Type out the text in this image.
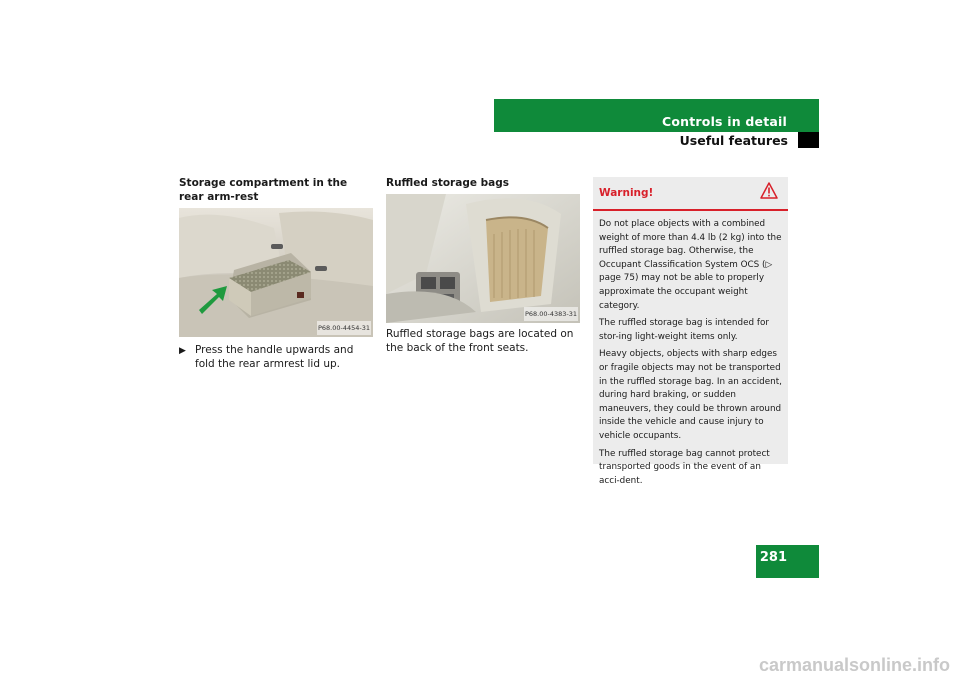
Controls in detail
Useful features
Storage compartment in the rear arm-rest
P68.00-4454-31
▶ Press the handle upwards and fold the rear armrest lid up.
Ruffled storage bags
P68.00-4383-31
Ruffled storage bags are located on the back of the front seats.
Warning!

Do not place objects with a combined weight of more than 4.4 lb (2 kg) into the ruffled storage bag. Otherwise, the Occupant Classification System OCS (▷ page 75) may not be able to properly approximate the occupant weight category.

The ruffled storage bag is intended for stor-ing light-weight items only.

Heavy objects, objects with sharp edges or fragile objects may not be transported in the ruffled storage bag. In an accident, during hard braking, or sudden maneuvers, they could be thrown around inside the vehicle and cause injury to vehicle occupants.

The ruffled storage bag cannot protect transported goods in the event of an acci-dent.

281
carmanualsonline.info
